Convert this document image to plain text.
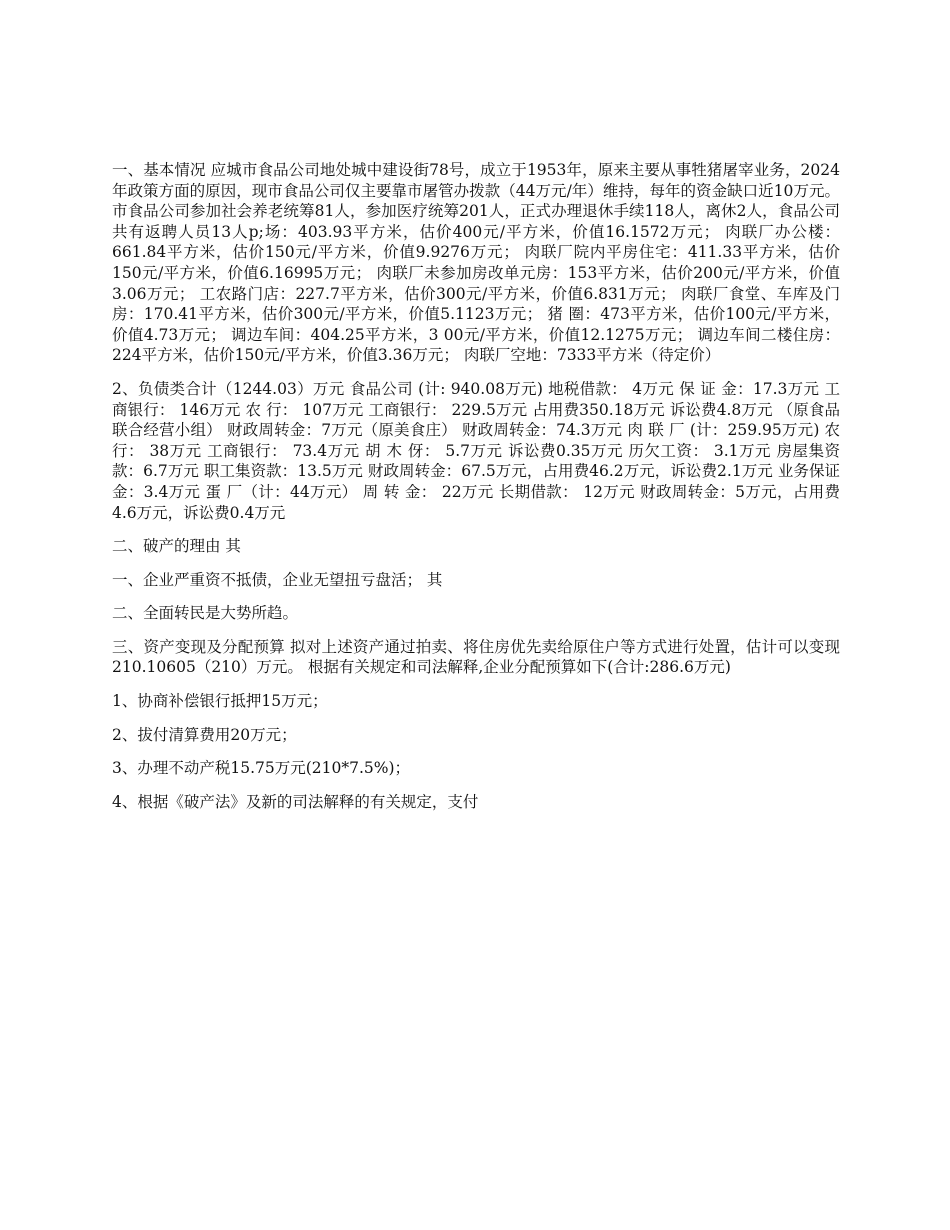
一、基本情况 应城市食品公司地处城中建设街78号，成立于1953年，原来主要从事牲猪屠宰业务，2024年政策方面的原因，现市食品公司仅主要靠市屠管办拨款（44万元/年）维持，每年的资金缺口近10万元。市食品公司参加社会养老统筹81人，参加医疗统筹201人，正式办理退休手续118人，离休2人，食品公司共有返聘人员13人p;场：403.93平方米，估价400元/平方米，价值16.1572万元； 肉联厂办公楼：661.84平方米，估价150元/平方米，价值9.9276万元； 肉联厂院内平房住宅：411.33平方米，估价150元/平方米，价值6.16995万元； 肉联厂未参加房改单元房：153平方米，估价200元/平方米，价值3.06万元； 工农路门店：227.7平方米，估价300元/平方米，价值6.831万元； 肉联厂食堂、车库及门房：170.41平方米，估价300元/平方米，价值5.1123万元； 猪 圈：473平方米，估价100元/平方米，价值4.73万元； 调边车间：404.25平方米，3 00元/平方米，价值12.1275万元； 调边车间二楼住房： 224平方米，估价150元/平方米，价值3.36万元； 肉联厂空地：7333平方米（待定价）

2、负债类合计（1244.03）万元 食品公司 (计: 940.08万元) 地税借款： 4万元 保 证 金：17.3万元 工商银行： 146万元 农 行： 107万元 工商银行： 229.5万元 占用费350.18万元 诉讼费4.8万元 （原食品联合经营小组） 财政周转金：7万元（原美食庄） 财政周转金：74.3万元 肉 联 厂 (计：259.95万元) 农 行： 38万元 工商银行： 73.4万元 胡 木 伢： 5.7万元 诉讼费0.35万元 历欠工资： 3.1万元 房屋集资款：6.7万元 职工集资款：13.5万元 财政周转金：67.5万元，占用费46.2万元，诉讼费2.1万元 业务保证金：3.4万元 蛋 厂（计：44万元） 周 转 金： 22万元 长期借款： 12万元 财政周转金：5万元，占用费4.6万元，诉讼费0.4万元

二、破产的理由 其

一、企业严重资不抵债，企业无望扭亏盘活； 其

二、全面转民是大势所趋。

三、资产变现及分配预算 拟对上述资产通过拍卖、将住房优先卖给原住户等方式进行处置，估计可以变现210.10605（210）万元。 根据有关规定和司法解释,企业分配预算如下(合计:286.6万元)

1、协商补偿银行抵押15万元；

2、拔付清算费用20万元；

3、办理不动产税15.75万元(210*7.5%)；

4、根据《破产法》及新的司法解释的有关规定，支付
